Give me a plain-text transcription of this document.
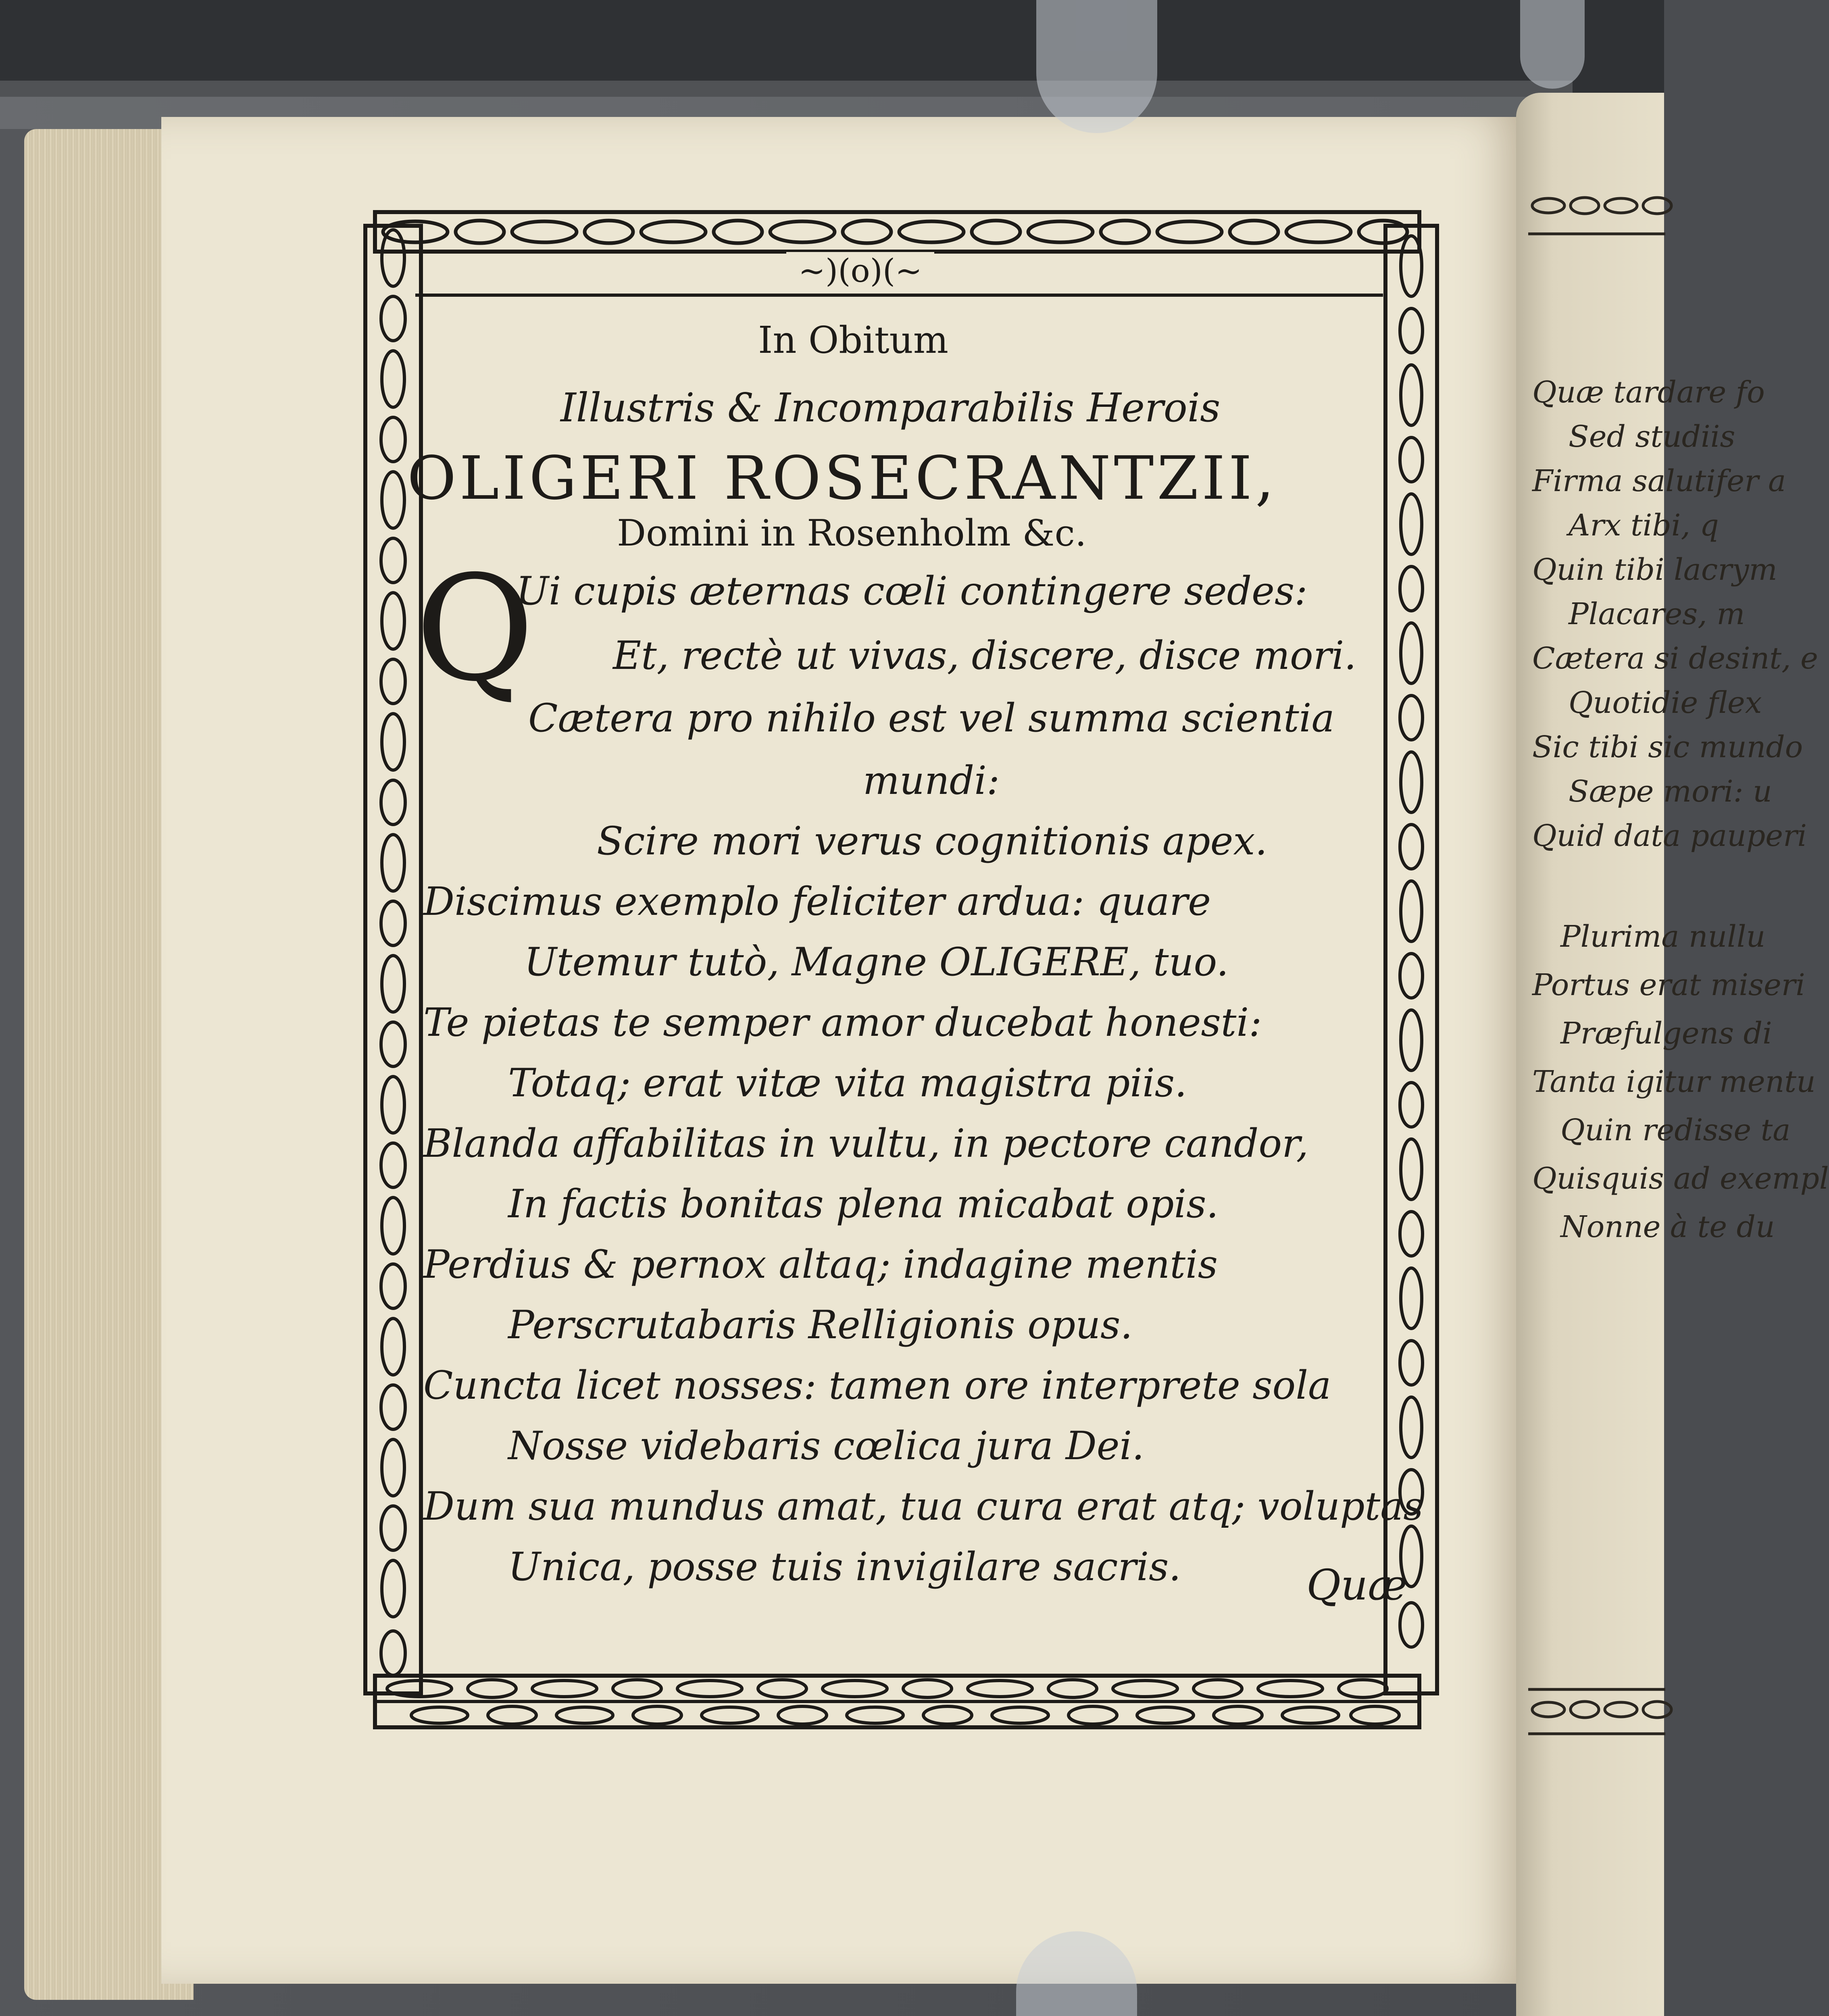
~)(o)(~
In Obitum
Illustris & Incomparabilis Herois
OLIGERI ROSECRANTZII,
Domini in Rosenholm &c.
Q
Ui cupis æternas cœli contingere sedes:
Et, rectè ut vivas, discere, disce mori.
Cætera pro nihilo est vel summa scientia
mundi:
Scire mori verus cognitionis apex.
Discimus exemplo feliciter ardua: quare
Utemur tutò, Magne OLIGERE, tuo.
Te pietas te semper amor ducebat honesti:
Totaq; erat vitæ vita magistra piis.
Blanda affabilitas in vultu, in pectore candor,
In factis bonitas plena micabat opis.
Perdius & pernox altaq; indagine mentis
Perscrutabaris Relligionis opus.
Cuncta licet nosses: tamen ore interprete sola
Nosse videbaris cœlica jura Dei.
Dum sua mundus amat, tua cura erat atq; voluptas
Unica, posse tuis invigilare sacris.	Quæ
Quæ tardare fo
Sed studiis
Firma salutifer a
Arx tibi, q
Quin tibi lacrym
Placares, m
Cætera si desint, e
Quotidie flex
Sic tibi sic mundo
Sæpe mori: u
Quid data pauperi
Plurima nullu
Portus erat miseri
Præfulgens di
Tanta igitur mentu
Quin redisse ta
Quisquis ad exempl
Nonne à te du
